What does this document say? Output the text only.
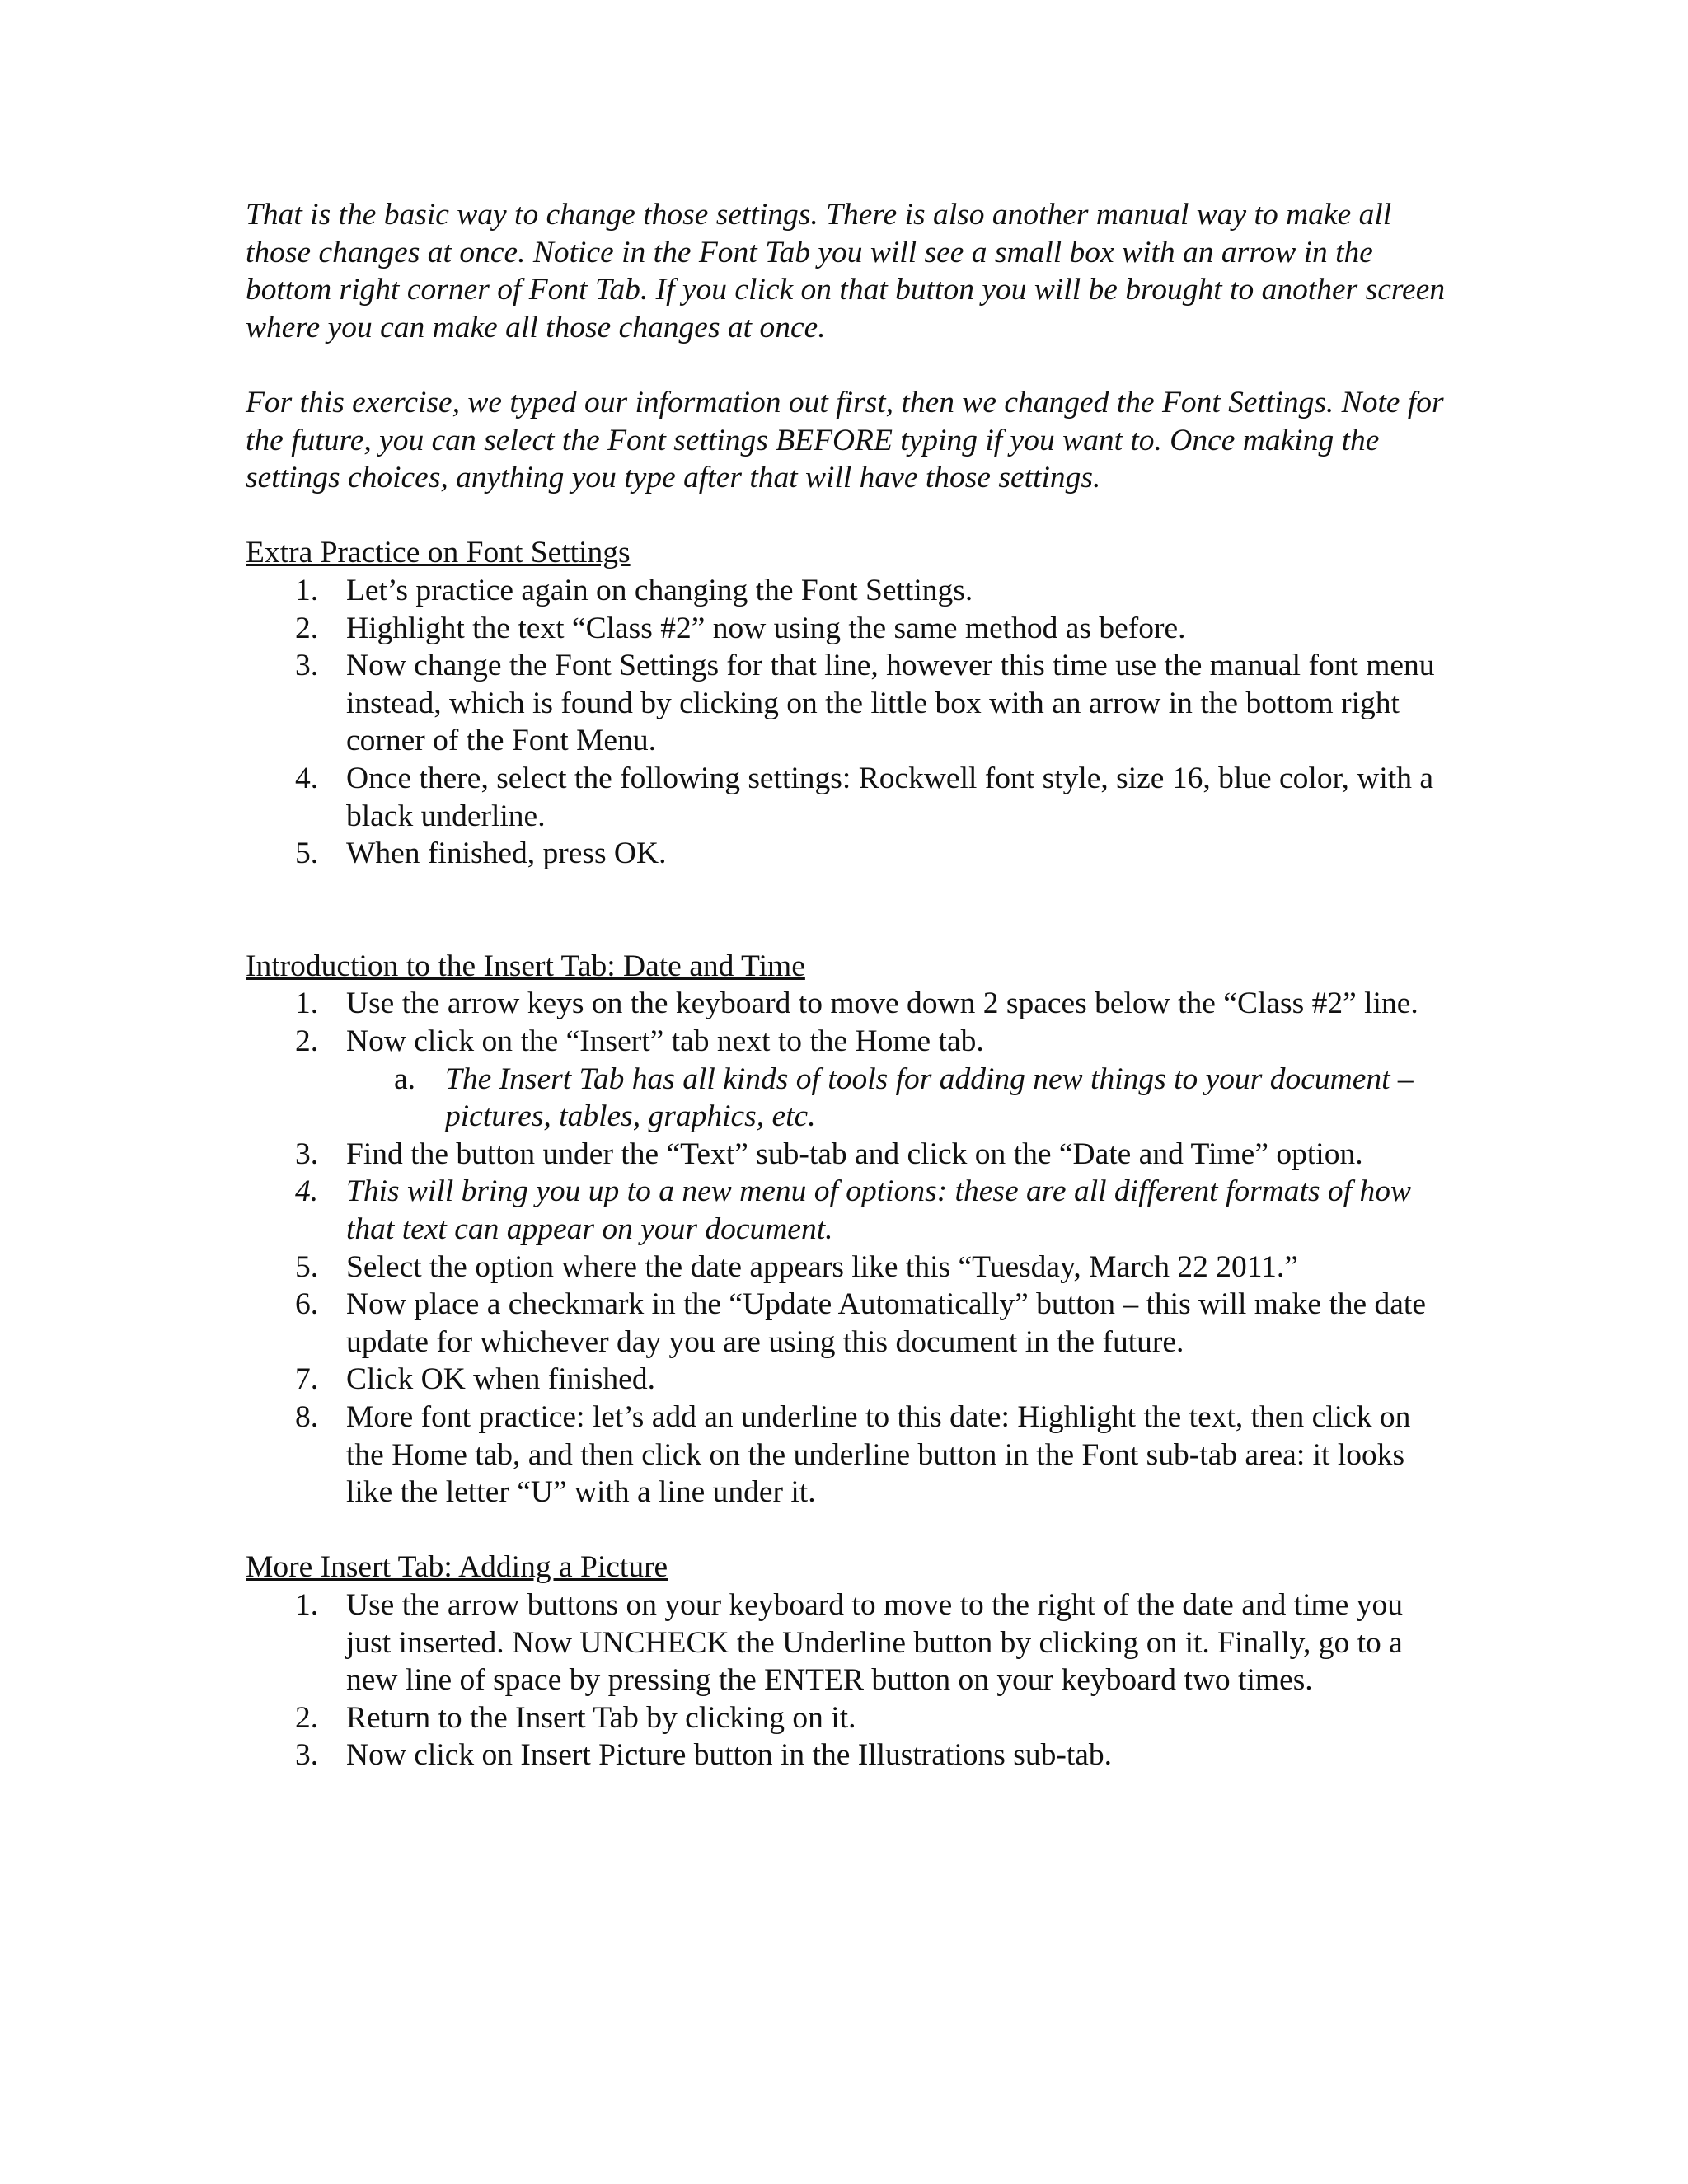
That is the basic way to change those settings. There is also another manual way to make all those changes at once. Notice in the Font Tab you will see a small box with an arrow in the bottom right corner of Font Tab. If you click on that button you will be brought to another screen where you can make all those changes at once.

For this exercise, we typed our information out first, then we changed the Font Settings. Note for the future, you can select the Font settings BEFORE typing if you want to. Once making the settings choices, anything you type after that will have those settings.

Extra Practice on Font Settings

1. Let’s practice again on changing the Font Settings.
2. Highlight the text “Class #2” now using the same method as before.
3. Now change the Font Settings for that line, however this time use the manual font menu instead, which is found by clicking on the little box with an arrow in the bottom right corner of the Font Menu.
4. Once there, select the following settings: Rockwell font style, size 16, blue color, with a black underline.
5. When finished, press OK.

Introduction to the Insert Tab: Date and Time

1. Use the arrow keys on the keyboard to move down 2 spaces below the “Class #2” line.
2. Now click on the “Insert” tab next to the Home tab.
a. The Insert Tab has all kinds of tools for adding new things to your document – pictures, tables, graphics, etc.
3. Find the button under the “Text” sub-tab and click on the “Date and Time” option.
4. This will bring you up to a new menu of options: these are all different formats of how that text can appear on your document.
5. Select the option where the date appears like this “Tuesday, March 22 2011.”
6. Now place a checkmark in the “Update Automatically” button – this will make the date update for whichever day you are using this document in the future.
7. Click OK when finished.
8. More font practice: let’s add an underline to this date: Highlight the text, then click on the Home tab, and then click on the underline button in the Font sub-tab area: it looks like the letter “U” with a line under it.

More Insert Tab: Adding a Picture

1. Use the arrow buttons on your keyboard to move to the right of the date and time you just inserted. Now UNCHECK the Underline button by clicking on it. Finally, go to a new line of space by pressing the ENTER button on your keyboard two times.
2. Return to the Insert Tab by clicking on it.
3. Now click on Insert Picture button in the Illustrations sub-tab.
